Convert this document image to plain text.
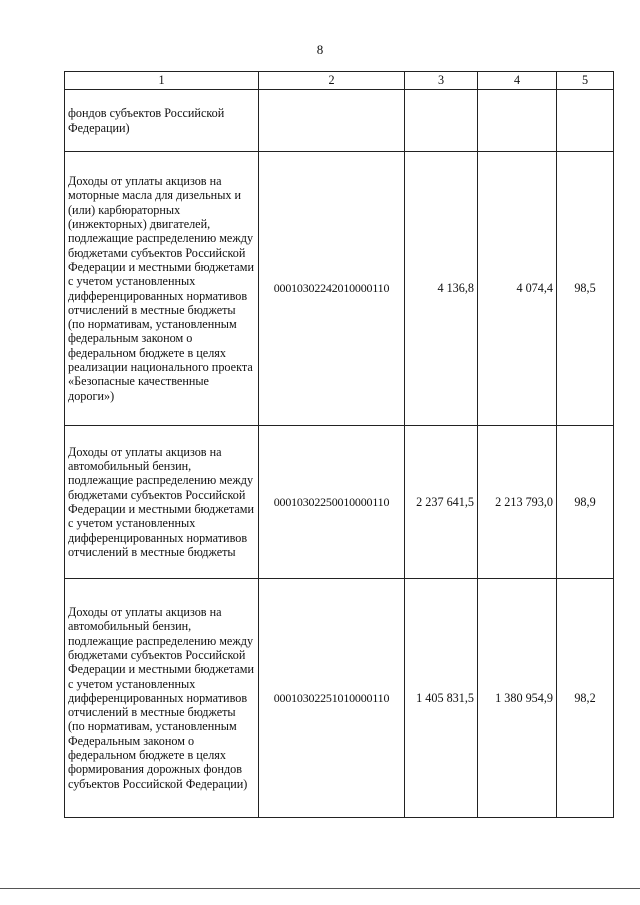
8
1	2	3	4	5
фондов субъектов Российской Федерации)				
Доходы от уплаты акцизов на моторные масла для дизельных и (или) карбюраторных (инжекторных) двигателей, подлежащие распределению между бюджетами субъектов Российской Федерации и местными бюджетами с учетом установленных дифференцированных нормативов отчислений в местные бюджеты (по нормативам, установленным федеральным законом о федеральном бюджете в целях реализации национального проекта «Безопасные качественные дороги»)	00010302242010000110	4 136,8	4 074,4	98,5
Доходы от уплаты акцизов на автомобильный бензин, подлежащие распределению между бюджетами субъектов Российской Федерации и местными бюджетами с учетом установленных дифференцированных нормативов отчислений в местные бюджеты	00010302250010000110	2 237 641,5	2 213 793,0	98,9
Доходы от уплаты акцизов на автомобильный бензин, подлежащие распределению между бюджетами субъектов Российской Федерации и местными бюджетами с учетом установленных дифференцированных нормативов отчислений в местные бюджеты (по нормативам, установленным Федеральным законом о федеральном бюджете в целях формирования дорожных фондов субъектов Российской Федерации)	00010302251010000110	1 405 831,5	1 380 954,9	98,2
